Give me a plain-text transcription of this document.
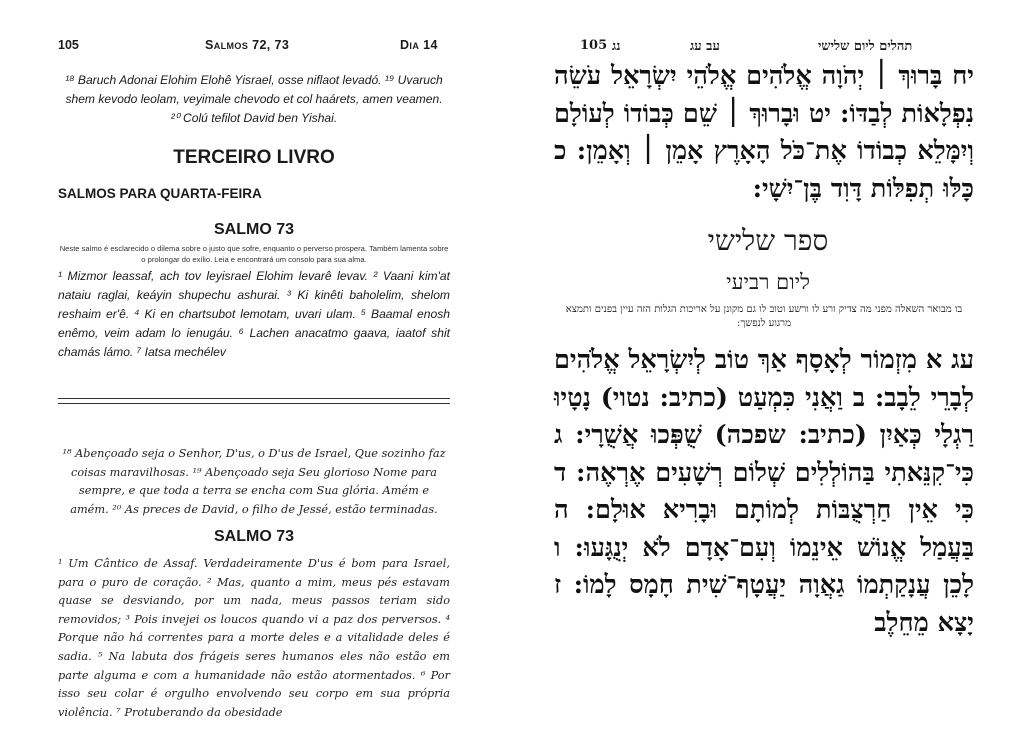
105	Salmos 72, 73	Dia 14
¹⁸ Baruch Adonai Elohim Elohê Yisrael, osse niflaot levadó. ¹⁹ Uvaruch shem kevodo leolam, veyimale chevodo et col haárets, amen veamen.
²⁰ Colú tefilot David ben Yishai.
TERCEIRO LIVRO
SALMOS PARA QUARTA-FEIRA
SALMO 73
Neste salmo é esclarecido o dilema sobre o justo que sofre, enquanto o perverso prospera. Também lamenta sobre o prolongar do exílio. Leia e encontrará um consolo para sua alma.
¹ Mizmor leassaf, ach tov leyisrael Elohim levarê levav. ² Vaani kim'at nataiu raglai, keáyin shupechu ashurai. ³ Ki kinêti baholelim, shelom reshaim er'ê. ⁴ Ki en chartsubot lemotam, uvari ulam. ⁵ Baamal enosh enêmo, veim adam lo ienugáu. ⁶ Lachen anacatmo gaava, iaatof shit chamás lámo. ⁷ Iatsa mechélev
¹⁸ Abençoado seja o Senhor, D'us, o D'us de Israel, Que sozinho faz coisas maravilhosas. ¹⁹ Abençoado seja Seu glorioso Nome para sempre, e que toda a terra se encha com Sua glória. Amém e amém. ²⁰ As preces de David, o filho de Jessé, estão terminadas.
SALMO 73
¹ Um Cântico de Assaf. Verdadeiramente D'us é bom para Israel, para o puro de coração. ² Mas, quanto a mim, meus pés estavam quase se desviando, por um nada, meus passos teriam sido removidos; ³ Pois invejei os loucos quando vi a paz dos perversos. ⁴ Porque não há correntes para a morte deles e a vitalidade deles é sadia. ⁵ Na labuta dos frágeis seres humanos eles não estão em parte alguma e com a humanidade não estão atormentados. ⁶ Por isso seu colar é orgulho envolvendo seu corpo em sua própria violência. ⁷ Protuberando da obesidade
105 נג	עב עג	תהלים ליום שלישי
יח בָּרוּךְ ׀ יְהֹוָה אֱלֹהִים אֱלֹהֵי יִשְׂרָאֵל עֹשֵׂה נִפְלָאוֹת לְבַדּוֹ: יט וּבָרוּךְ ׀ שֵׁם כְּבוֹדוֹ לְעוֹלָם וְיִמָּלֵא כְבוֹדוֹ אֶת־כֹּל הָאָרֶץ אָמֵן ׀ וְאָמֵן: כ כָּלּוּ תְפִלּוֹת דָּוִד בֶּן־יִשָׁי:
ספר שלישי
ליום רביעי
בו מבואר השאלה מפני מה צדיק ורע לו ורשע וטוב לו גם מקונן על אריכות הגלות הזה עיין בפנים ותמצא מרגוע לנפשך:
עג א מִזְמוֹר לְאָסָף אַךְ טוֹב לְיִשְׂרָאֵל אֱלֹהִים לְבָרֵי לֵבָב: ב וַאֲנִי כִּמְעַט (כתיב: נטוי) נָטָיוּ רַגְלָי כְּאַיִן (כתיב: שפכה) שֻׁפְּכוּ אֲשֻׁרָי: ג כִּי־קִנֵּאתִי בַּהוֹלְלִים שְׁלוֹם רְשָׁעִים אֶרְאֶה: ד כִּי אֵין חַרְצֻבּוֹת לְמוֹתָם וּבָרִיא אוּלָם: ה בַּעֲמַל אֱנוֹשׁ אֵינֵמוֹ וְעִם־אָדָם לֹא יְנֻגָּעוּ: ו לָכֵן עֲנָקַתְמוֹ גַאֲוָה יַעֲטָף־שִׁית חָמָס לָמוֹ: ז יָצָא מֵחֵלֶב
